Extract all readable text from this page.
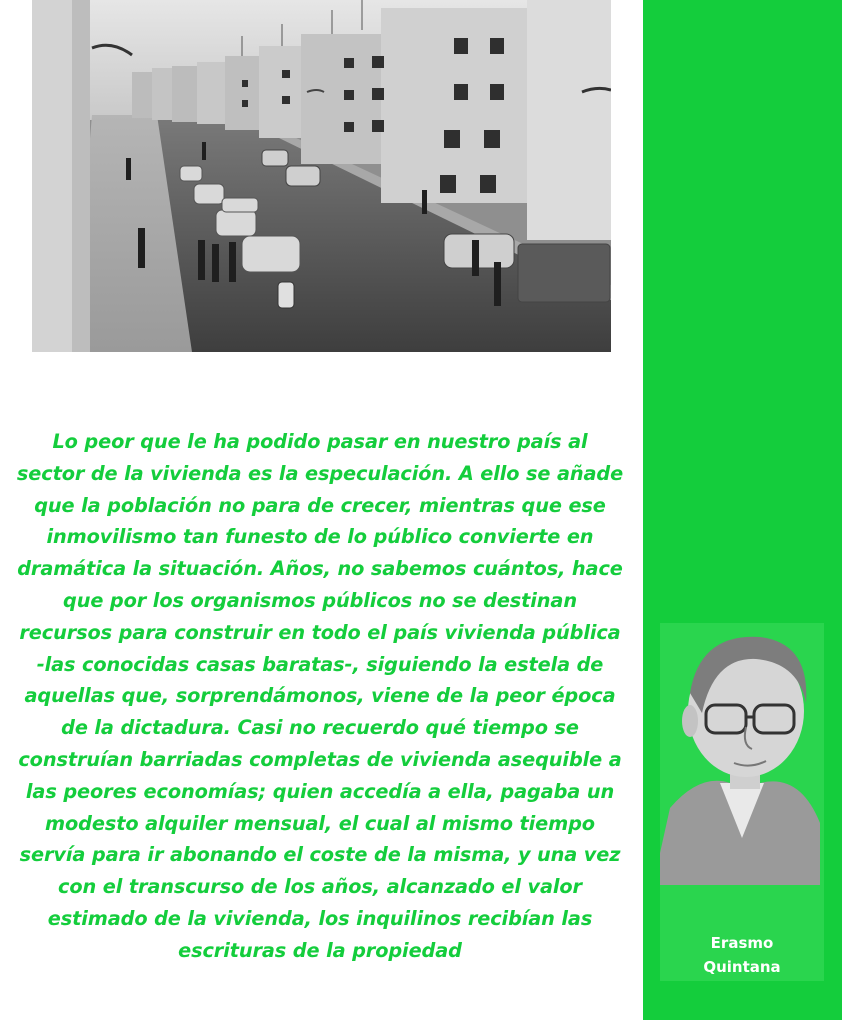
Lo peor que le ha podido pasar en nuestro país al sector de la vivienda es la especulación. A ello se añade que la población no para de crecer, mientras que ese inmovilismo tan funesto de lo público convierte en dramática la situación. Años, no sabemos cuántos, hace que por los organismos públicos no se destinan recursos para construir en todo el país vivienda pública -las conocidas casas baratas-, siguiendo la estela de aquellas que, sorprendámonos, viene de la peor época de la dictadura. Casi no recuerdo qué tiempo se construían barriadas completas de vivienda asequible a las peores economías; quien accedía a ella, pagaba un modesto alquiler mensual, el cual al mismo tiempo servía para ir abonando el coste de la misma, y una vez con el transcurso de los años, alcanzado el valor estimado de la vivienda, los inquilinos recibían las escrituras de la propiedad	Erasmo
Quintana
